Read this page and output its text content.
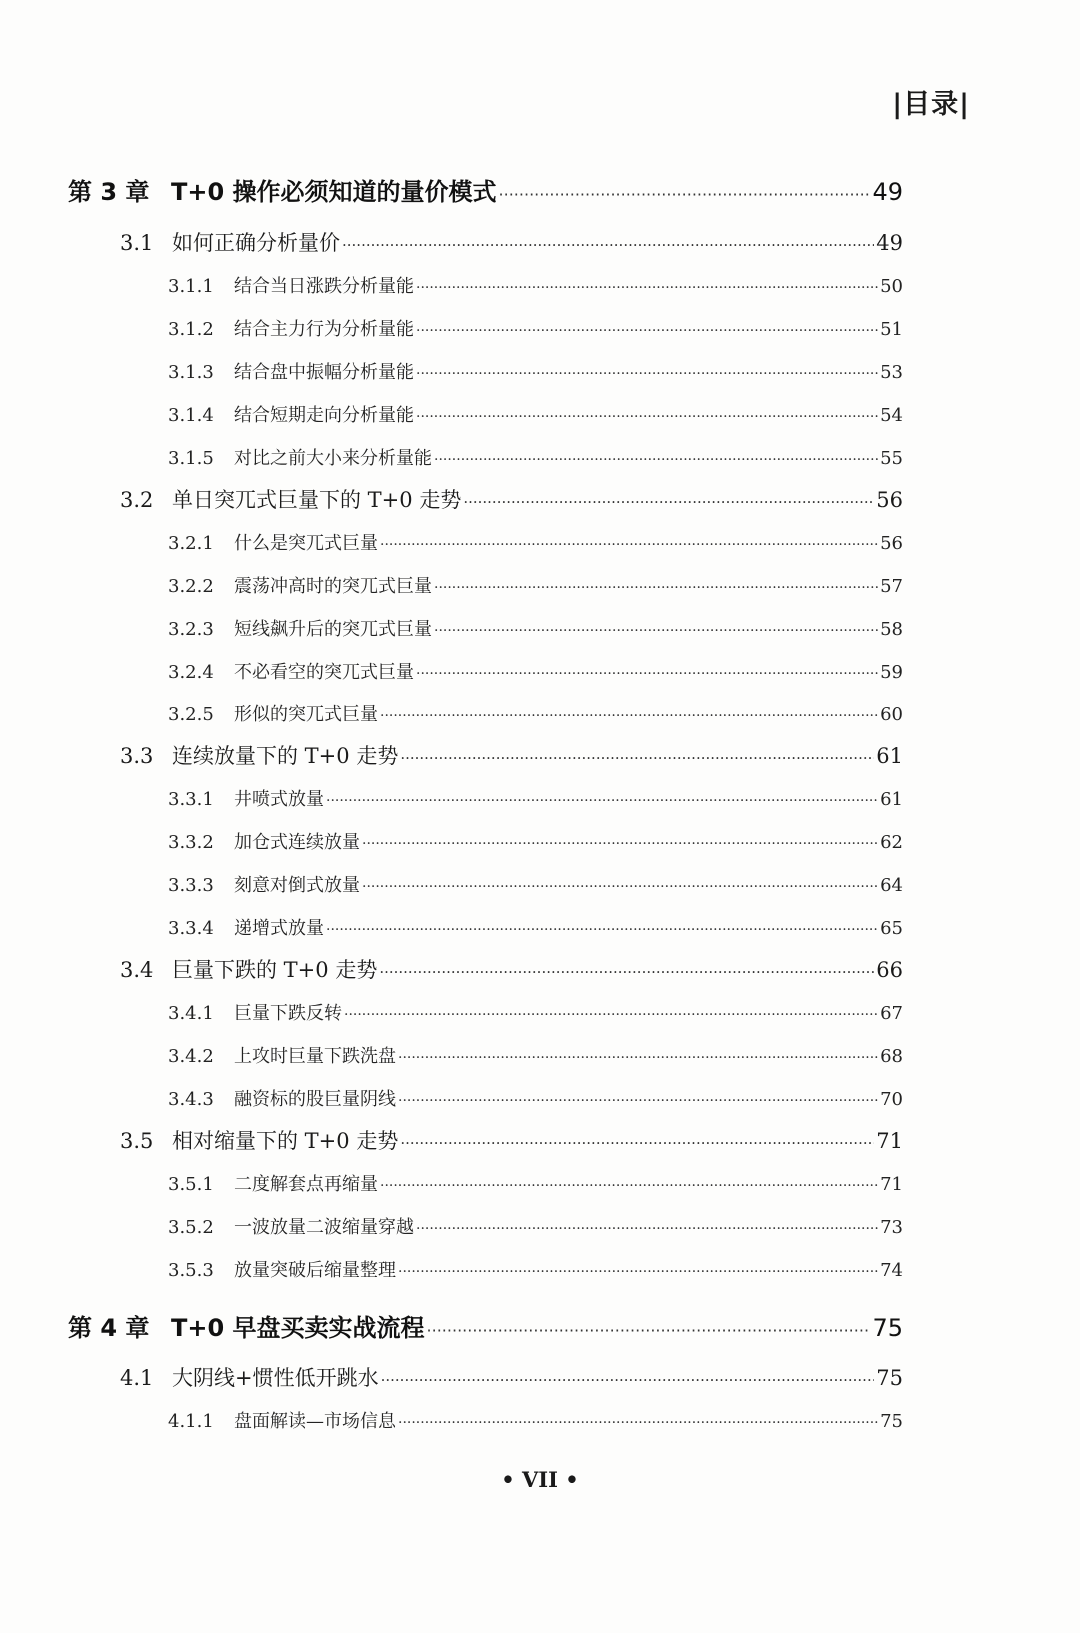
|目录|
第 3 章 T+0 操作必须知道的量价模式 ·····	49
3.1 如何正确分析量价 ·····	49
3.1.1	结合当日涨跌分析量能 ·····	50
3.1.2	结合主力行为分析量能 ·····	51
3.1.3	结合盘中振幅分析量能 ·····	53
3.1.4	结合短期走向分析量能 ·····	54
3.1.5	对比之前大小来分析量能 ·····	55
3.2 单日突兀式巨量下的 T+0 走势 ·····	56
3.2.1	什么是突兀式巨量 ·····	56
3.2.2	震荡冲高时的突兀式巨量 ·····	57
3.2.3	短线飙升后的突兀式巨量 ·····	58
3.2.4	不必看空的突兀式巨量 ·····	59
3.2.5	形似的突兀式巨量 ·····	60
3.3 连续放量下的 T+0 走势 ·····	61
3.3.1	井喷式放量 ·····	61
3.3.2	加仓式连续放量 ·····	62
3.3.3	刻意对倒式放量 ·····	64
3.3.4	递增式放量 ·····	65
3.4 巨量下跌的 T+0 走势 ·····	66
3.4.1	巨量下跌反转 ·····	67
3.4.2	上攻时巨量下跌洗盘 ·····	68
3.4.3	融资标的股巨量阴线 ·····	70
3.5 相对缩量下的 T+0 走势 ·····	71
3.5.1	二度解套点再缩量 ·····	71
3.5.2	一波放量二波缩量穿越 ·····	73
3.5.3	放量突破后缩量整理 ·····	74
第 4 章 T+0 早盘买卖实战流程 ·····	75
4.1 大阴线+惯性低开跳水 ·····	75
4.1.1	盘面解读—市场信息 ·····	75
• VII •
